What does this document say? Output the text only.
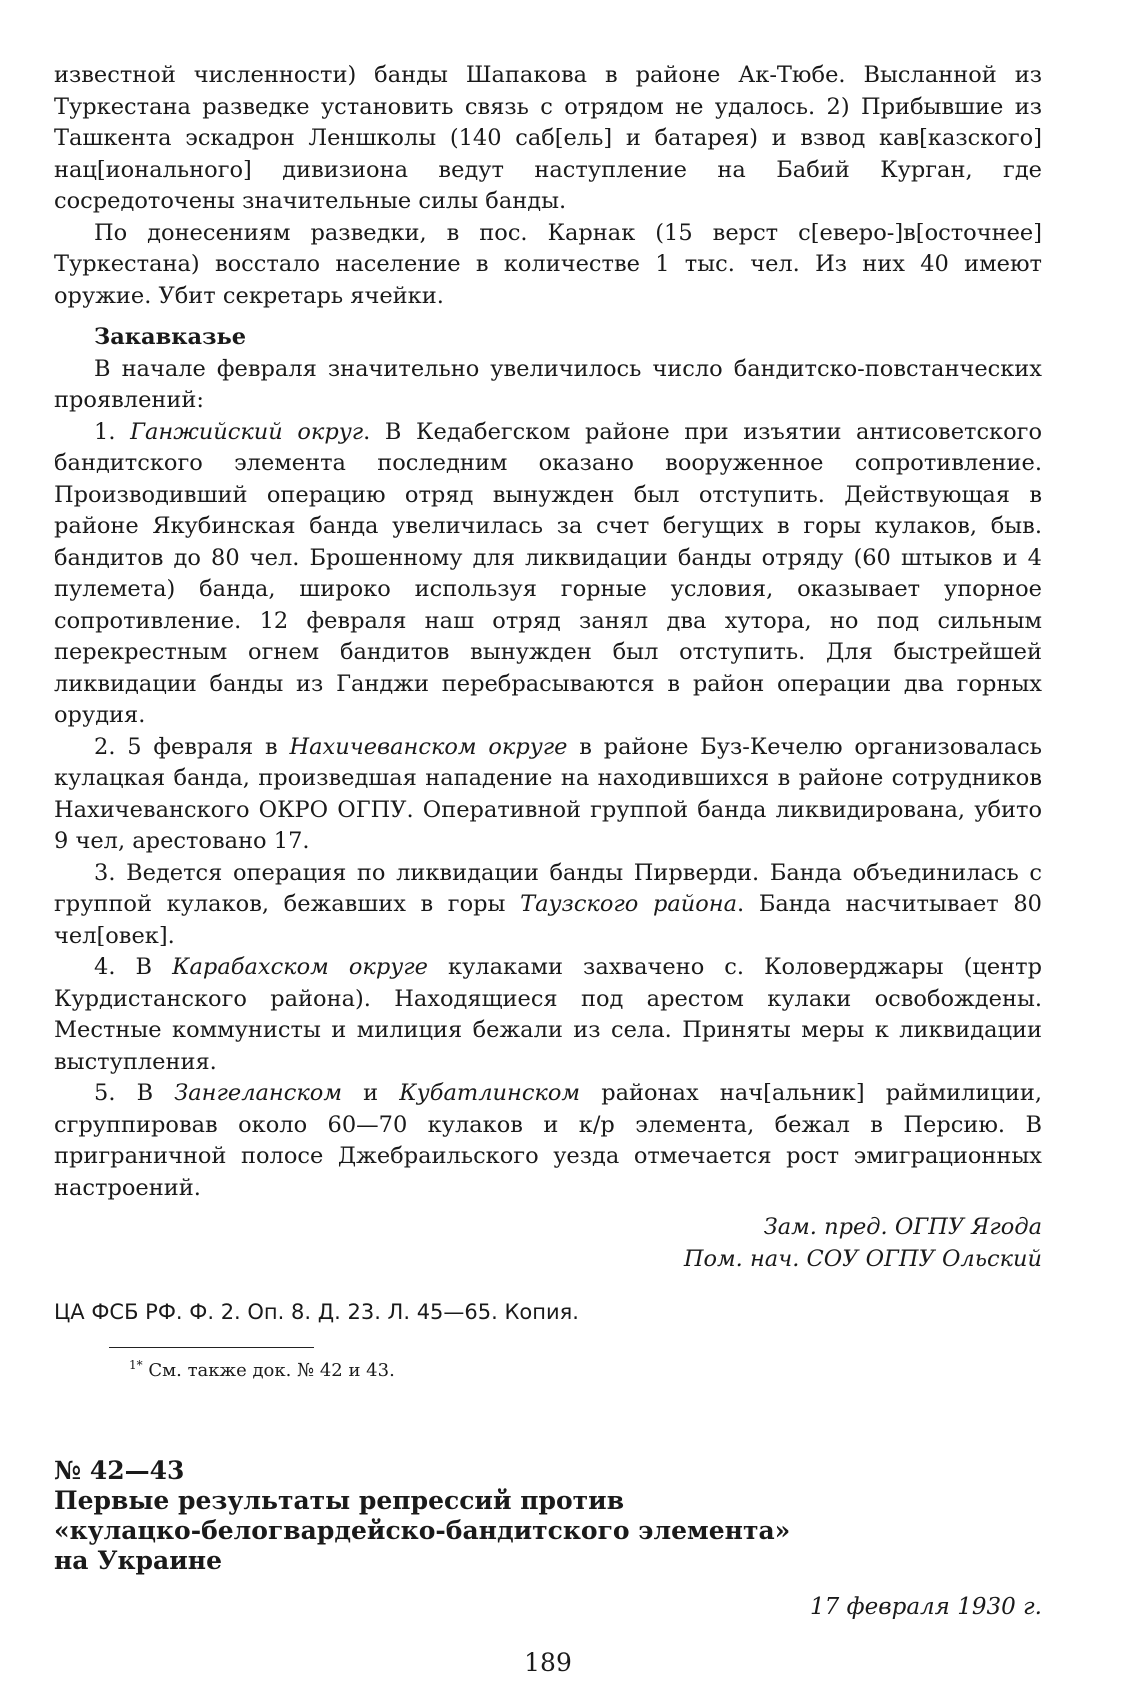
известной численности) банды Шапакова в районе Ак-Тюбе. Высланной из Туркестана разведке установить связь с отрядом не удалось. 2) Прибывшие из Ташкента эскадрон Леншколы (140 саб[ель] и батарея) и взвод кав[казского] нац[ионального] дивизиона ведут наступление на Бабий Курган, где сосредоточены значительные силы банды.

По донесениям разведки, в пос. Карнак (15 верст с[еверо-]в[осточнее] Туркестана) восстало население в количестве 1 тыс. чел. Из них 40 имеют оружие. Убит секретарь ячейки.

Закавказье

В начале февраля значительно увеличилось число бандитско-повстанческих проявлений:

1. Ганжийский округ. В Кедабегском районе при изъятии антисоветского бандитского элемента последним оказано вооруженное сопротивление. Производивший операцию отряд вынужден был отступить. Действующая в районе Якубинская банда увеличилась за счет бегущих в горы кулаков, быв. бандитов до 80 чел. Брошенному для ликвидации банды отряду (60 штыков и 4 пулемета) банда, широко используя горные условия, оказывает упорное сопротивление. 12 февраля наш отряд занял два хутора, но под сильным перекрестным огнем бандитов вынужден был отступить. Для быстрейшей ликвидации банды из Ганджи перебрасываются в район операции два горных орудия.

2. 5 февраля в Нахичеванском округе в районе Буз-Кечелю организовалась кулацкая банда, произведшая нападение на находившихся в районе сотрудников Нахичеванского ОКРО ОГПУ. Оперативной группой банда ликвидирована, убито 9 чел, арестовано 17.

3. Ведется операция по ликвидации банды Пирверди. Банда объединилась с группой кулаков, бежавших в горы Таузского района. Банда насчитывает 80 чел[овек].

4. В Карабахском округе кулаками захвачено с. Коловерджары (центр Курдистанского района). Находящиеся под арестом кулаки освобождены. Местные коммунисты и милиция бежали из села. Приняты меры к ликвидации выступления.

5. В Зангеланском и Кубатлинском районах нач[альник] раймилиции, сгруппировав около 60—70 кулаков и к/р элемента, бежал в Персию. В приграничной полосе Джебраильского уезда отмечается рост эмиграционных настроений.

Зам. пред. ОГПУ Ягода

Пом. нач. СОУ ОГПУ Ольский

ЦА ФСБ РФ. Ф. 2. Оп. 8. Д. 23. Л. 45—65. Копия.

$^{1*}$ См. также док. № 42 и 43.

№ 42—43

Первые результаты репрессий против

«кулацко-белогвардейско-бандитского элемента»

на Украине

17 февраля 1930 г.

189
